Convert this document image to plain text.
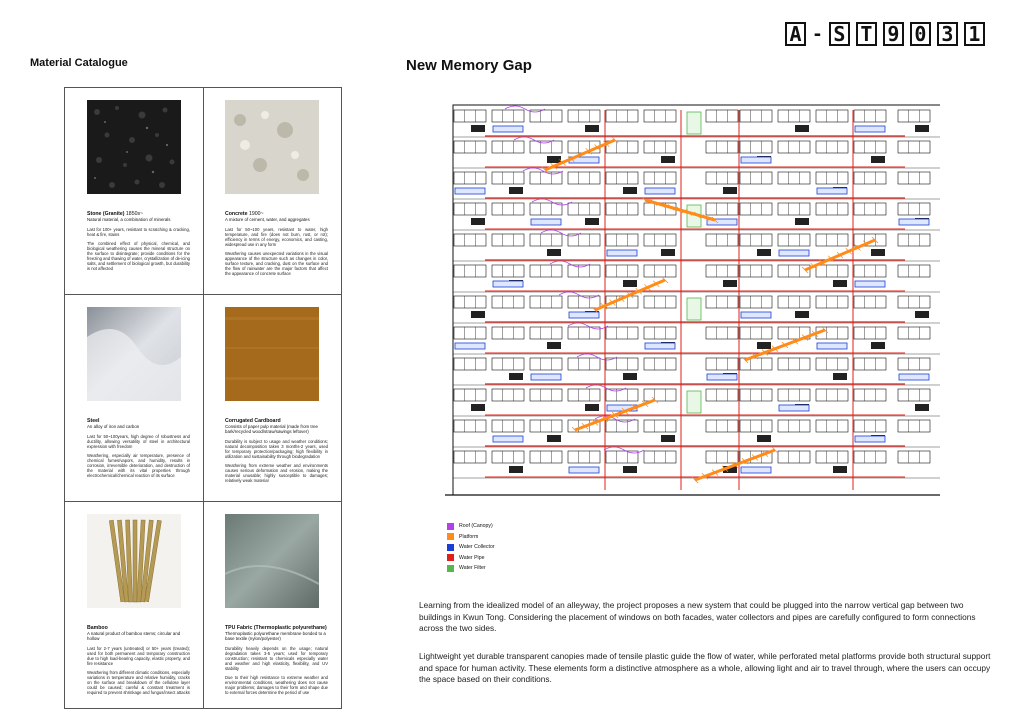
A - S T 9 0 3 1
Material Catalogue	New Memory Gap
Stone (Granite) 1850s~
Natural material, a combination of minerals
Last for 100+ years, resistant to scratching & cracking, heat & fire, stains
The combined effect of physical, chemical, and biological weathering causes the mineral structure on the surface to disintegrate; provide conditions for the freezing and thawing of water, crystallization of de-icing salts, and settlement of biological growth, but durability is not affected
Concrete 1900~
A mixture of cement, water, and aggregates
Last for 50~100 years, resistant to water, high temperature, and fire (does not burn, rust, or rot); efficiency in terms of energy, economics, and casting, widespread use in any form
Weathering causes unexpected variations in the visual appearance of the structure such as changes in color, surface texture, and cracking, dust on the surface and the flow of rainwater are the major factors that affect the appearance of concrete surface
Steel
An alloy of iron and carbon
Last for 50~100years, high degree of robustness and ductility, allowing versatility of steel in architectural expression with freedom
Weathering, especially air temperature, presence of chemical fumes/vapors, and humidity, results in corrosion, irreversible deterioration, and destruction of the material with its vital properties through electrochemical/chemical reaction of its surface
Corrugated Cardboard
Consists of paper pulp material (made from tree bark/recycled wood/straw/sawings leftover)
Durability is subject to usage and weather conditions; natural decomposition takes 3 months-2 years, used for temporary protection/packaging; high flexibility in utilization and sustainability through biodegradation
Weathering from extreme weather and environments causes serious deformation and erosion, making the material unusable; highly susceptible to damages; relatively weak material
Bamboo
A natural product of bamboo stems; circular and hollow
Last for 2-7 years (untreated) or 50+ years (treated); used for both permanent and temporary construction due to high load-bearing capacity, elastic property, and fire resistance
Weathering from different climatic conditions, especially variations in temperature and relative humidity, cracks on the surface and breakdown of the cellulose layer could be caused; careful & constant treatment is required to prevent shrinkage and fungus/insect attacks
TPU Fabric (Thermoplastic polyurethane)
Thermoplastic polyurethane membrane bonded to a base textile (nylon/polyester)
Durability heavily depends on the usage; natural degradation takes 3-5 years; used for temporary construction; resistant to chemicals especially water and weather and high elasticity, flexibility, and UV stability
Due to their high resistance to extreme weather and environmental conditions, weathering does not cause major problems; damages to their form and shape due to external forces determine the period of use
Roof (Canopy)
Platform
Water Collector
Water Pipe
Water Filter

Learning from the idealized model of an alleyway, the project proposes a new system that could be plugged into the narrow vertical gap between two buildings in Kwun Tong. Considering the placement of windows on both facades, water collectors and pipes are carefully configured to form connections across the two sides.

Lightweight yet durable transparent canopies made of tensile plastic guide the flow of water, while perforated metal platforms provide both structural support and space for human activity. These elements form a distinctive atmosphere as a whole, allowing light and air to travel through, where the users can occupy the space based on their conditions.
